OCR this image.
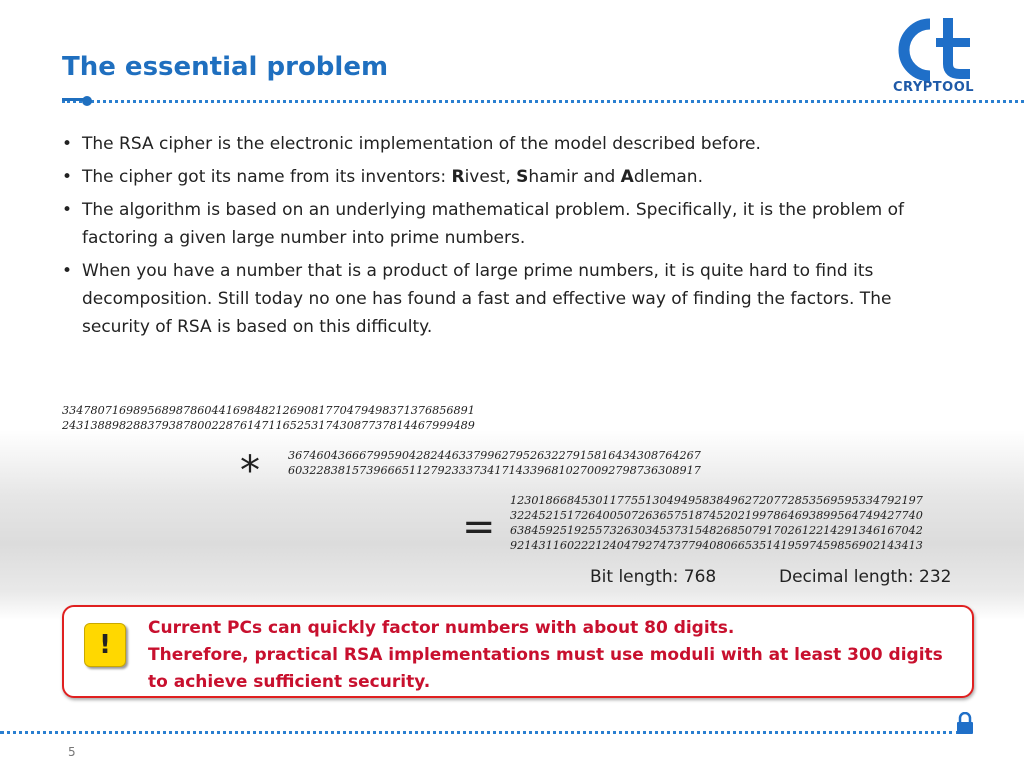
The essential problem
CRYPTOOL
• The RSA cipher is the electronic implementation of the model described before.
• The cipher got its name from its inventors: Rivest, Shamir and Adleman.
• The algorithm is based on an underlying mathematical problem. Specifically, it is the problem of factoring a given large number into prime numbers.
• When you have a number that is a product of large prime numbers, it is quite hard to find its decomposition. Still today no one has found a fast and effective way of finding the factors. The security of RSA is based on this difficulty.
3347807169895689878604416984821269081770479498371376856891
2431388982883793878002287614711652531743087737814467999489
*	3674604366679959042824463379962795263227915816434308764267
6032283815739666511279233373417143396810270092798736308917
=
1230186684530117755130494958384962720772853569595334792197
3224521517264005072636575187452021997864693899564749427740
6384592519255732630345373154826850791702612214291346167042
9214311602221240479274737794080665351419597459856902143413
Bit length: 768	Decimal length: 232
!
Current PCs can quickly factor numbers with about 80 digits.
Therefore, practical RSA implementations must use moduli with at least 300 digits
to achieve sufficient security.
5
